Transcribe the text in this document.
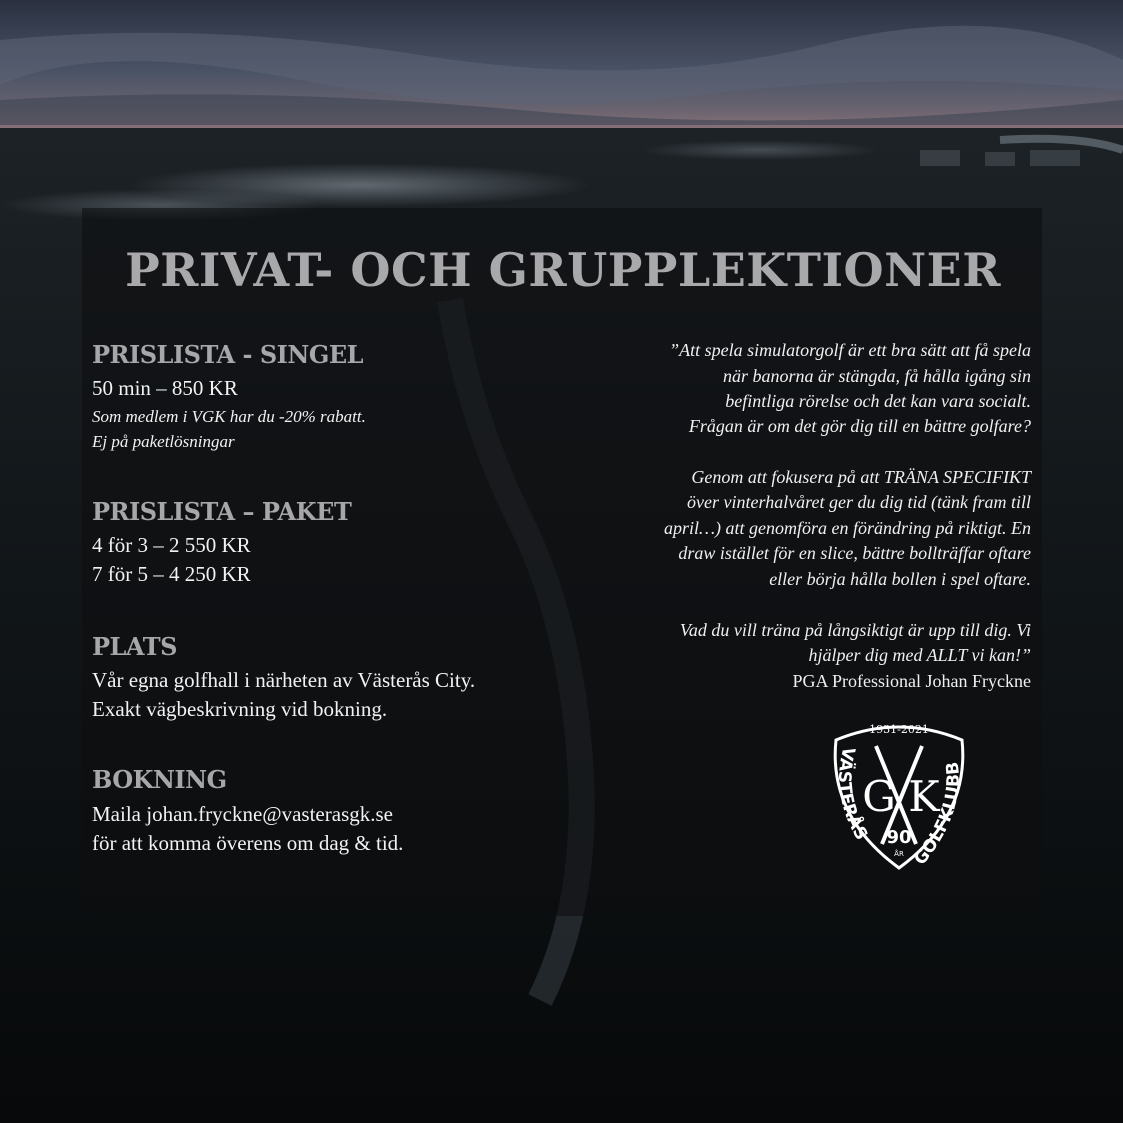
PRIVAT- OCH GRUPPLEKTIONER
PRISLISTA - SINGEL

50 min – 850 KR

Som medlem i VGK har du -20% rabatt.

Ej på paketlösningar

PRISLISTA – PAKET

4 för 3 – 2 550 KR

7 för 5 – 4 250 KR

PLATS

Vår egna golfhall i närheten av Västerås City.

Exakt vägbeskrivning vid bokning.

BOKNING

Maila johan.fryckne@vasterasgk.se

för att komma överens om dag & tid.

”Att spela simulatorgolf är ett bra sätt att få spela

när banorna är stängda, få hålla igång sin

befintliga rörelse och det kan vara socialt.

Frågan är om det gör dig till en bättre golfare?

Genom att fokusera på att TRÄNA SPECIFIKT

över vinterhalvåret ger du dig tid (tänk fram till

april…) att genomföra en förändring på riktigt. En

draw istället för en slice, bättre bollträffar oftare

eller börja hålla bollen i spel oftare.

Vad du vill träna på långsiktigt är upp till dig. Vi

hjälper dig med ALLT vi kan!”

PGA Professional Johan Fryckne

1931-2021
VÄSTERÅS
GOLFKLUBB
G K
90
ÅR
